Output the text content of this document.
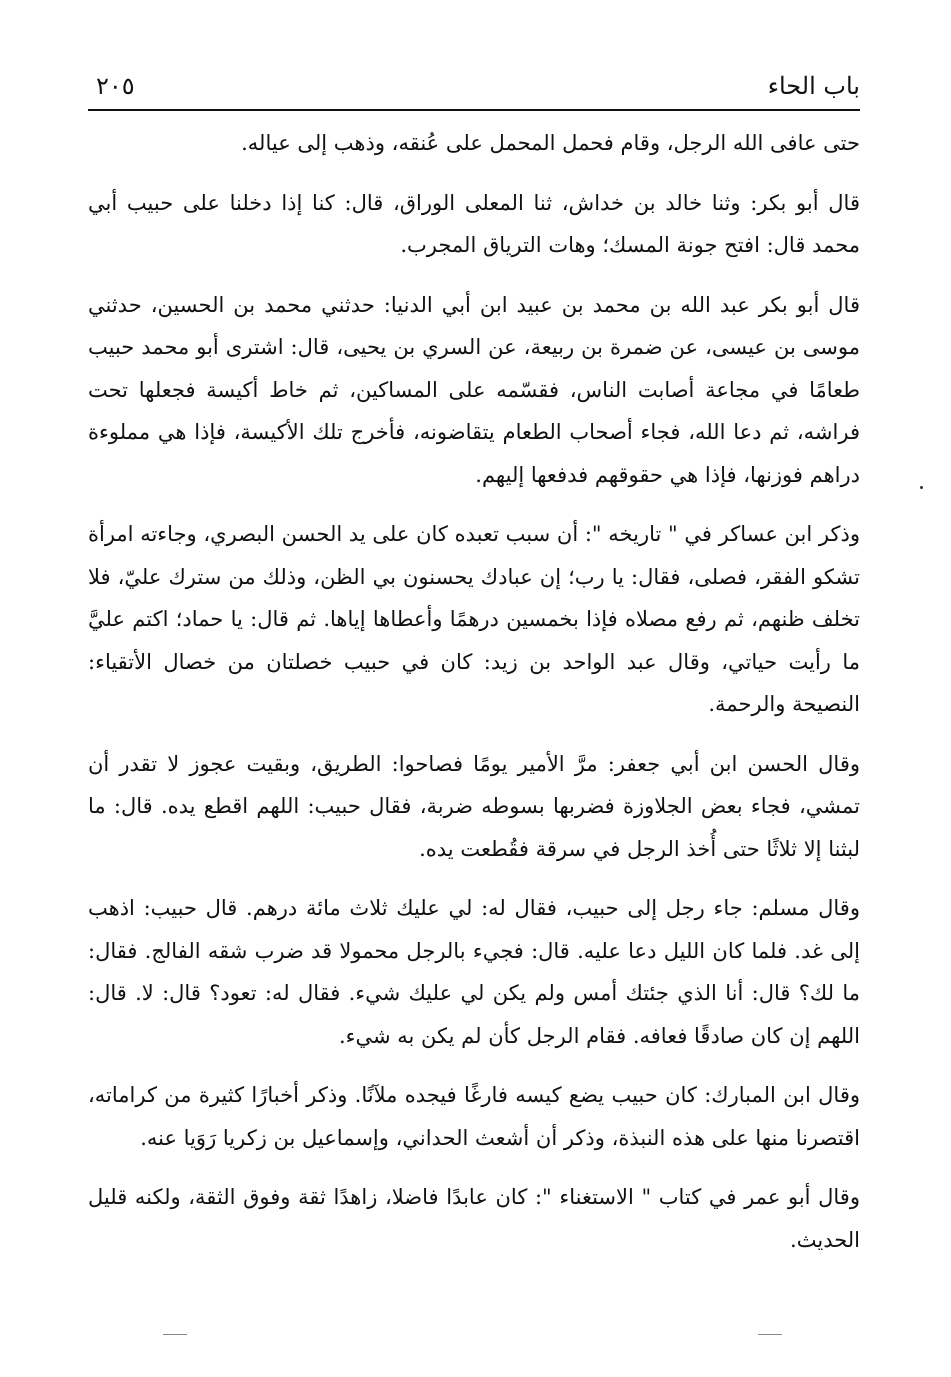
باب الحاء
٢٠٥

حتى عافى الله الرجل، وقام فحمل المحمل على عُنقه، وذهب إلى عياله.

قال أبو بكر: وثنا خالد بن خداش، ثنا المعلى الوراق، قال: كنا إذا دخلنا على حبيب أبي محمد قال: افتح جونة المسك؛ وهات الترياق المجرب.

قال أبو بكر عبد الله بن محمد بن عبيد ابن أبي الدنيا: حدثني محمد بن الحسين، حدثني موسى بن عيسى، عن ضمرة بن ربيعة، عن السري بن يحيى، قال: اشترى أبو محمد حبيب طعامًا في مجاعة أصابت الناس، فقسّمه على المساكين، ثم خاط أكيسة فجعلها تحت فراشه، ثم دعا الله، فجاء أصحاب الطعام يتقاضونه، فأخرج تلك الأكيسة، فإذا هي مملوءة دراهم فوزنها، فإذا هي حقوقهم فدفعها إليهم.

وذكر ابن عساكر في " تاريخه ": أن سبب تعبده كان على يد الحسن البصري، وجاءته امرأة تشكو الفقر، فصلى، فقال: يا رب؛ إن عبادك يحسنون بي الظن، وذلك من سترك عليّ، فلا تخلف ظنهم، ثم رفع مصلاه فإذا بخمسين درهمًا وأعطاها إياها. ثم قال: يا حماد؛ اكتم عليَّ ما رأيت حياتي، وقال عبد الواحد بن زيد: كان في حبيب خصلتان من خصال الأتقياء: النصيحة والرحمة.

وقال الحسن ابن أبي جعفر: مرَّ الأمير يومًا فصاحوا: الطريق، وبقيت عجوز لا تقدر أن تمشي، فجاء بعض الجلاوزة فضربها بسوطه ضربة، فقال حبيب: اللهم اقطع يده. قال: ما لبثنا إلا ثلاثًا حتى أُخذ الرجل في سرقة فقُطعت يده.

وقال مسلم: جاء رجل إلى حبيب، فقال له: لي عليك ثلاث مائة درهم. قال حبيب: اذهب إلى غد. فلما كان الليل دعا عليه. قال: فجيء بالرجل محمولا قد ضرب شقه الفالج. فقال: ما لك؟ قال: أنا الذي جئتك أمس ولم يكن لي عليك شيء. فقال له: تعود؟ قال: لا. قال: اللهم إن كان صادقًا فعافه. فقام الرجل كأن لم يكن به شيء.

وقال ابن المبارك: كان حبيب يضع كيسه فارغًا فيجده ملآنًا. وذكر أخبارًا كثيرة من كراماته، اقتصرنا منها على هذه النبذة، وذكر أن أشعث الحداني، وإسماعيل بن زكريا رَوَيا عنه.

وقال أبو عمر في كتاب " الاستغناء ": كان عابدًا فاضلا، زاهدًا ثقة وفوق الثقة، ولكنه قليل الحديث.
